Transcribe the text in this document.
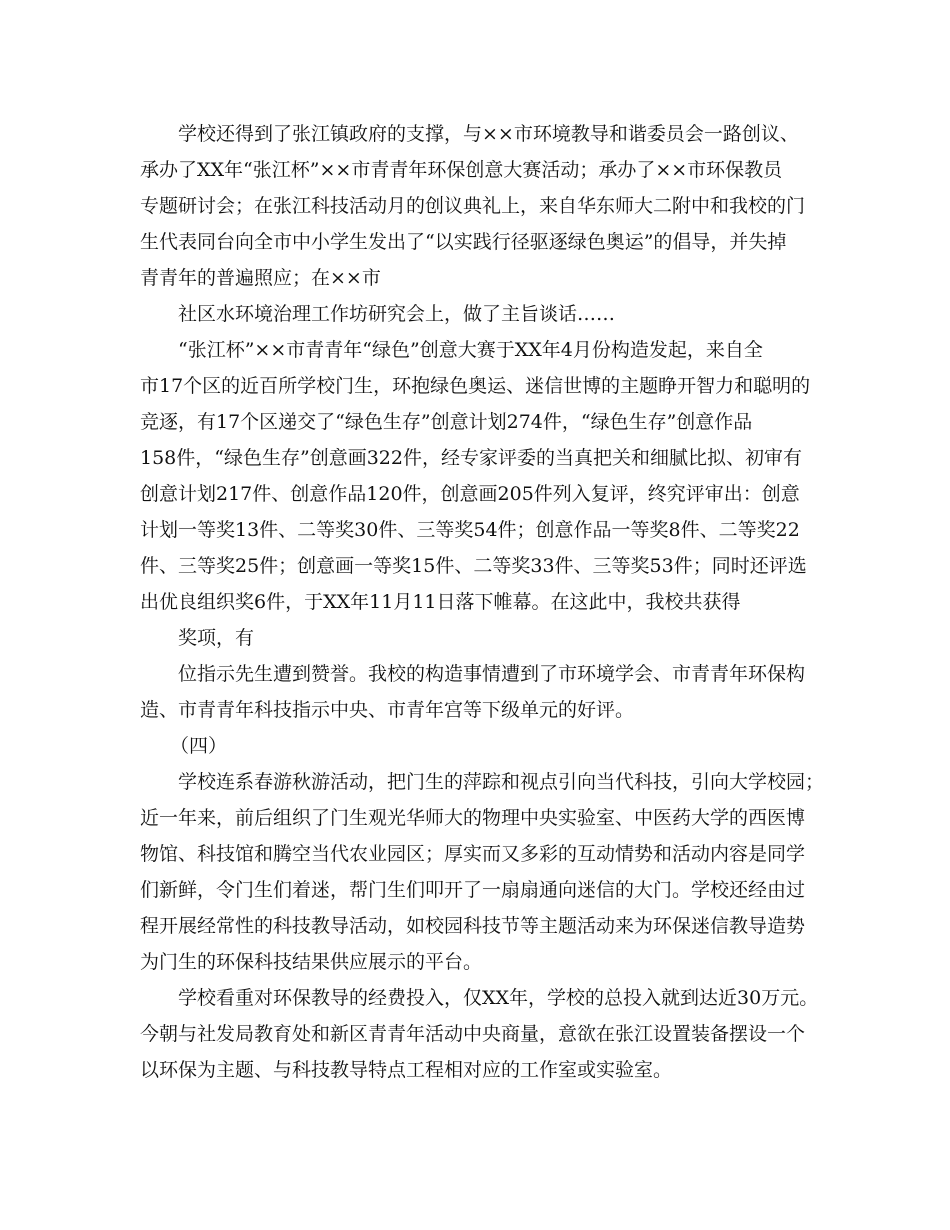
学校还得到了张江镇政府的支撑，与××市环境教导和谐委员会一路创议、
承办了XX年“张江杯”××市青青年环保创意大赛活动；承办了××市环保教员
专题研讨会；在张江科技活动月的创议典礼上，来自华东师大二附中和我校的门
生代表同台向全市中小学生发出了“以实践行径驱逐绿色奥运”的倡导，并失掉
青青年的普遍照应；在××市
社区水环境治理工作坊研究会上，做了主旨谈话……
“张江杯”××市青青年“绿色”创意大赛于XX年4月份构造发起，来自全
市17个区的近百所学校门生，环抱绿色奥运、迷信世博的主题睁开智力和聪明的
竞逐，有17个区递交了“绿色生存”创意计划274件，“绿色生存”创意作品
158件，“绿色生存”创意画322件，经专家评委的当真把关和细腻比拟、初审有
创意计划217件、创意作品120件，创意画205件列入复评，终究评审出：创意
计划一等奖13件、二等奖30件、三等奖54件；创意作品一等奖8件、二等奖22
件、三等奖25件；创意画一等奖15件、二等奖33件、三等奖53件；同时还评选
出优良组织奖6件，于XX年11月11日落下帷幕。在这此中，我校共获得
奖项，有
位指示先生遭到赞誉。我校的构造事情遭到了市环境学会、市青青年环保构
造、市青青年科技指示中央、市青年宫等下级单元的好评。
（四）
学校连系春游秋游活动，把门生的萍踪和视点引向当代科技，引向大学校园；
近一年来，前后组织了门生观光华师大的物理中央实验室、中医药大学的西医博
物馆、科技馆和腾空当代农业园区；厚实而又多彩的互动情势和活动内容是同学
们新鲜，令门生们着迷，帮门生们叩开了一扇扇通向迷信的大门。学校还经由过
程开展经常性的科技教导活动，如校园科技节等主题活动来为环保迷信教导造势
为门生的环保科技结果供应展示的平台。
学校看重对环保教导的经费投入，仅XX年，学校的总投入就到达近30万元。
今朝与社发局教育处和新区青青年活动中央商量，意欲在张江设置装备摆设一个
以环保为主题、与科技教导特点工程相对应的工作室或实验室。
